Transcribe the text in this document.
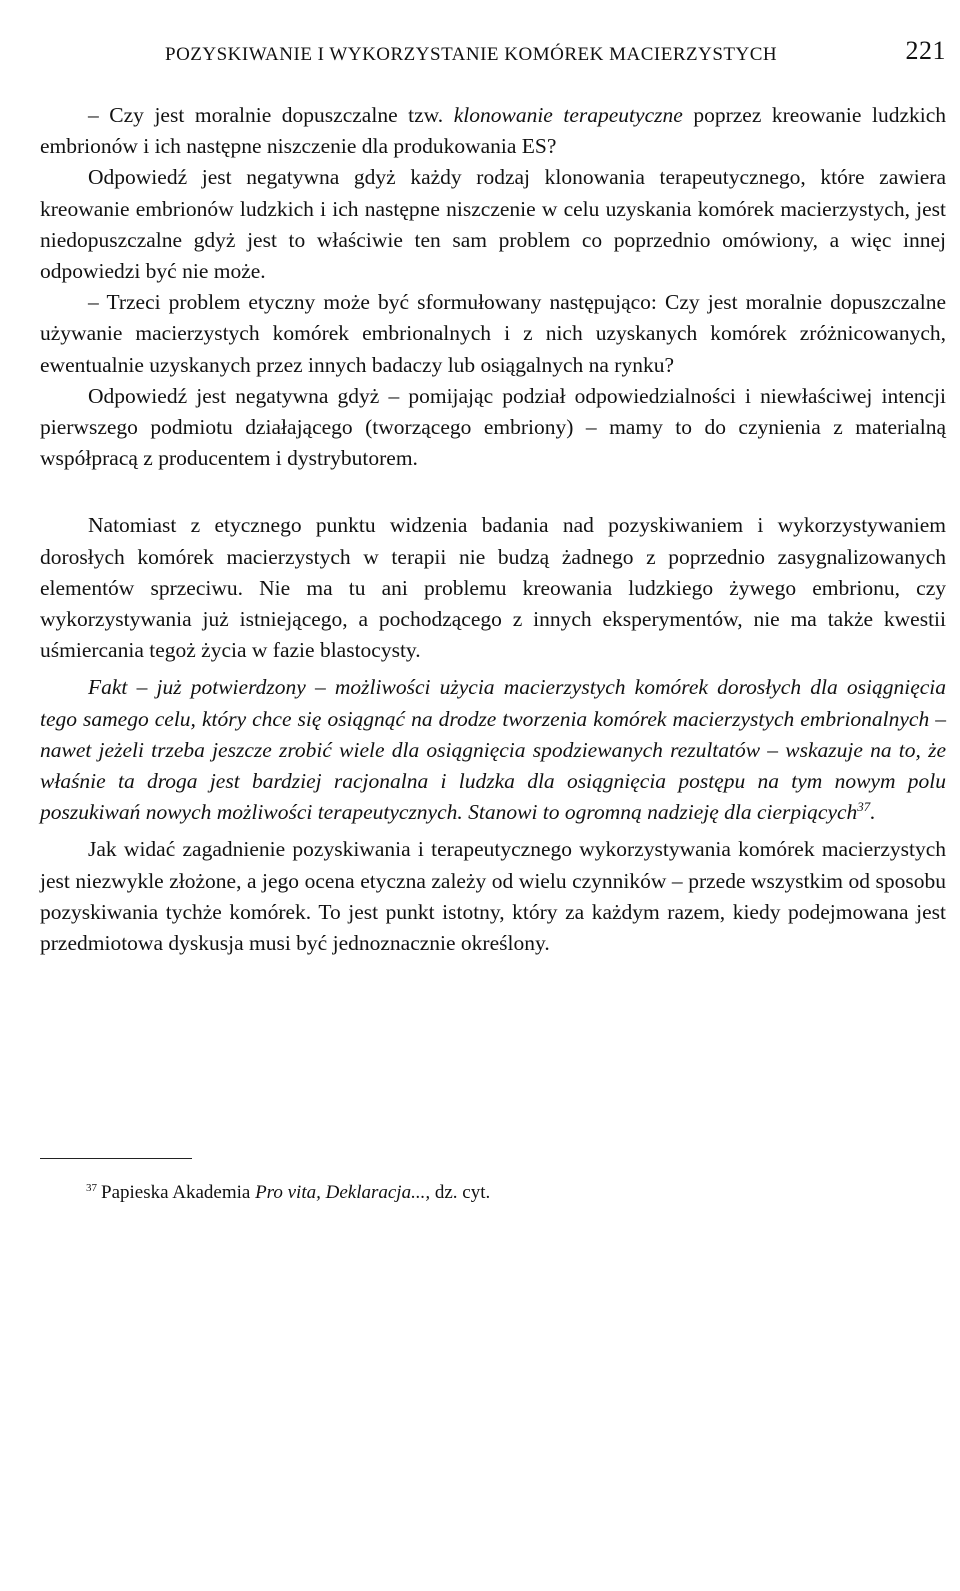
POZYSKIWANIE I WYKORZYSTANIE KOMÓREK MACIERZYSTYCH	221

– Czy jest moralnie dopuszczalne tzw. klonowanie terapeutyczne poprzez kreowanie ludzkich embrionów i ich następne niszczenie dla produkowania ES?

Odpowiedź jest negatywna gdyż każdy rodzaj klonowania terapeutycznego, które zawiera kreowanie embrionów ludzkich i ich następne niszczenie w celu uzyskania komórek macierzystych, jest niedopuszczalne gdyż jest to właściwie ten sam problem co poprzednio omówiony, a więc innej odpowiedzi być nie może.

– Trzeci problem etyczny może być sformułowany następująco: Czy jest moralnie dopuszczalne używanie macierzystych komórek embrionalnych i z nich uzyskanych komórek zróżnicowanych, ewentualnie uzyskanych przez innych badaczy lub osiągalnych na rynku?

Odpowiedź jest negatywna gdyż – pomijając podział odpowiedzialności i niewłaściwej intencji pierwszego podmiotu działającego (tworzącego embriony) – mamy to do czynienia z materialną współpracą z producentem i dystrybutorem.

Natomiast z etycznego punktu widzenia badania nad pozyskiwaniem i wykorzystywaniem dorosłych komórek macierzystych w terapii nie budzą żadnego z poprzednio zasygnalizowanych elementów sprzeciwu. Nie ma tu ani problemu kreowania ludzkiego żywego embrionu, czy wykorzystywania już istniejącego, a pochodzącego z innych eksperymentów, nie ma także kwestii uśmiercania tegoż życia w fazie blastocysty.

Fakt – już potwierdzony – możliwości użycia macierzystych komórek dorosłych dla osiągnięcia tego samego celu, który chce się osiągnąć na drodze tworzenia komórek macierzystych embrionalnych – nawet jeżeli trzeba jeszcze zrobić wiele dla osiągnięcia spodziewanych rezultatów – wskazuje na to, że właśnie ta droga jest bardziej racjonalna i ludzka dla osiągnięcia postępu na tym nowym polu poszukiwań nowych możliwości terapeutycznych. Stanowi to ogromną nadzieję dla cierpiących$^{37}$.

Jak widać zagadnienie pozyskiwania i terapeutycznego wykorzystywania komórek macierzystych jest niezwykle złożone, a jego ocena etyczna zależy od wielu czynników – przede wszystkim od sposobu pozyskiwania tychże komórek. To jest punkt istotny, który za każdym razem, kiedy podejmowana jest przedmiotowa dyskusja musi być jednoznacznie określony.

$^{37}$ Papieska Akademia Pro vita, Deklaracja..., dz. cyt.
